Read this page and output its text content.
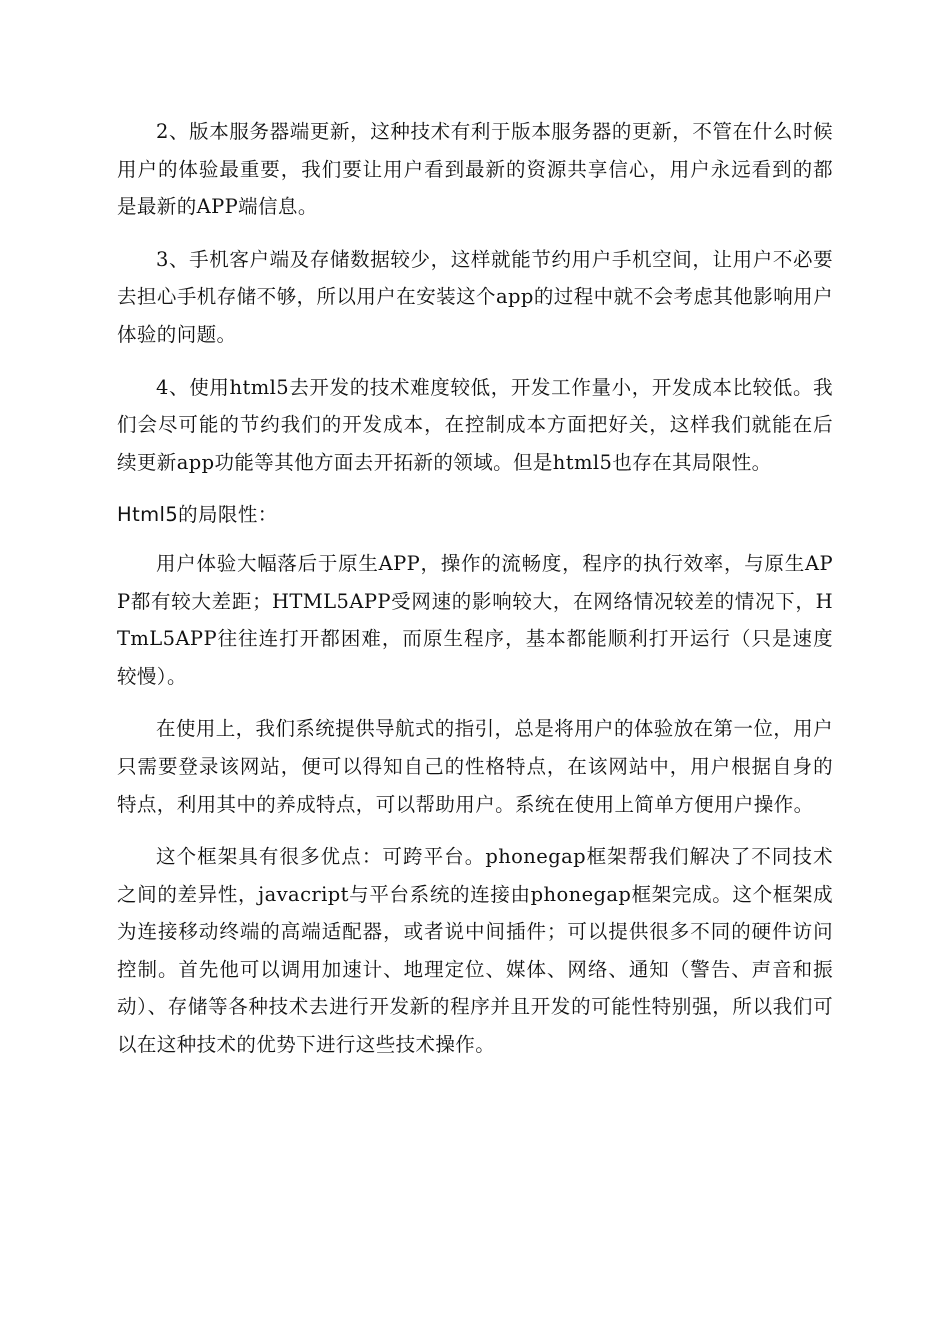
2、版本服务器端更新，这种技术有利于版本服务器的更新，不管在什么时候用户的体验最重要，我们要让用户看到最新的资源共享信心，用户永远看到的都是最新的APP端信息。

3、手机客户端及存储数据较少，这样就能节约用户手机空间，让用户不必要去担心手机存储不够，所以用户在安装这个app的过程中就不会考虑其他影响用户体验的问题。

4、使用html5去开发的技术难度较低，开发工作量小，开发成本比较低。我们会尽可能的节约我们的开发成本，在控制成本方面把好关，这样我们就能在后续更新app功能等其他方面去开拓新的领域。但是html5也存在其局限性。

Html5的局限性：

用户体验大幅落后于原生APP，操作的流畅度，程序的执行效率，与原生APP都有较大差距；HTML5APP受网速的影响较大，在网络情况较差的情况下，HTmL5APP往往连打开都困难，而原生程序，基本都能顺利打开运行（只是速度较慢）。

在使用上，我们系统提供导航式的指引，总是将用户的体验放在第一位，用户只需要登录该网站，便可以得知自己的性格特点，在该网站中，用户根据自身的特点，利用其中的养成特点，可以帮助用户。系统在使用上简单方便用户操作。

这个框架具有很多优点：可跨平台。phonegap框架帮我们解决了不同技术之间的差异性，javacript与平台系统的连接由phonegap框架完成。这个框架成为连接移动终端的高端适配器，或者说中间插件；可以提供很多不同的硬件访问控制。首先他可以调用加速计、地理定位、媒体、网络、通知（警告、声音和振动）、存储等各种技术去进行开发新的程序并且开发的可能性特别强，所以我们可以在这种技术的优势下进行这些技术操作。
